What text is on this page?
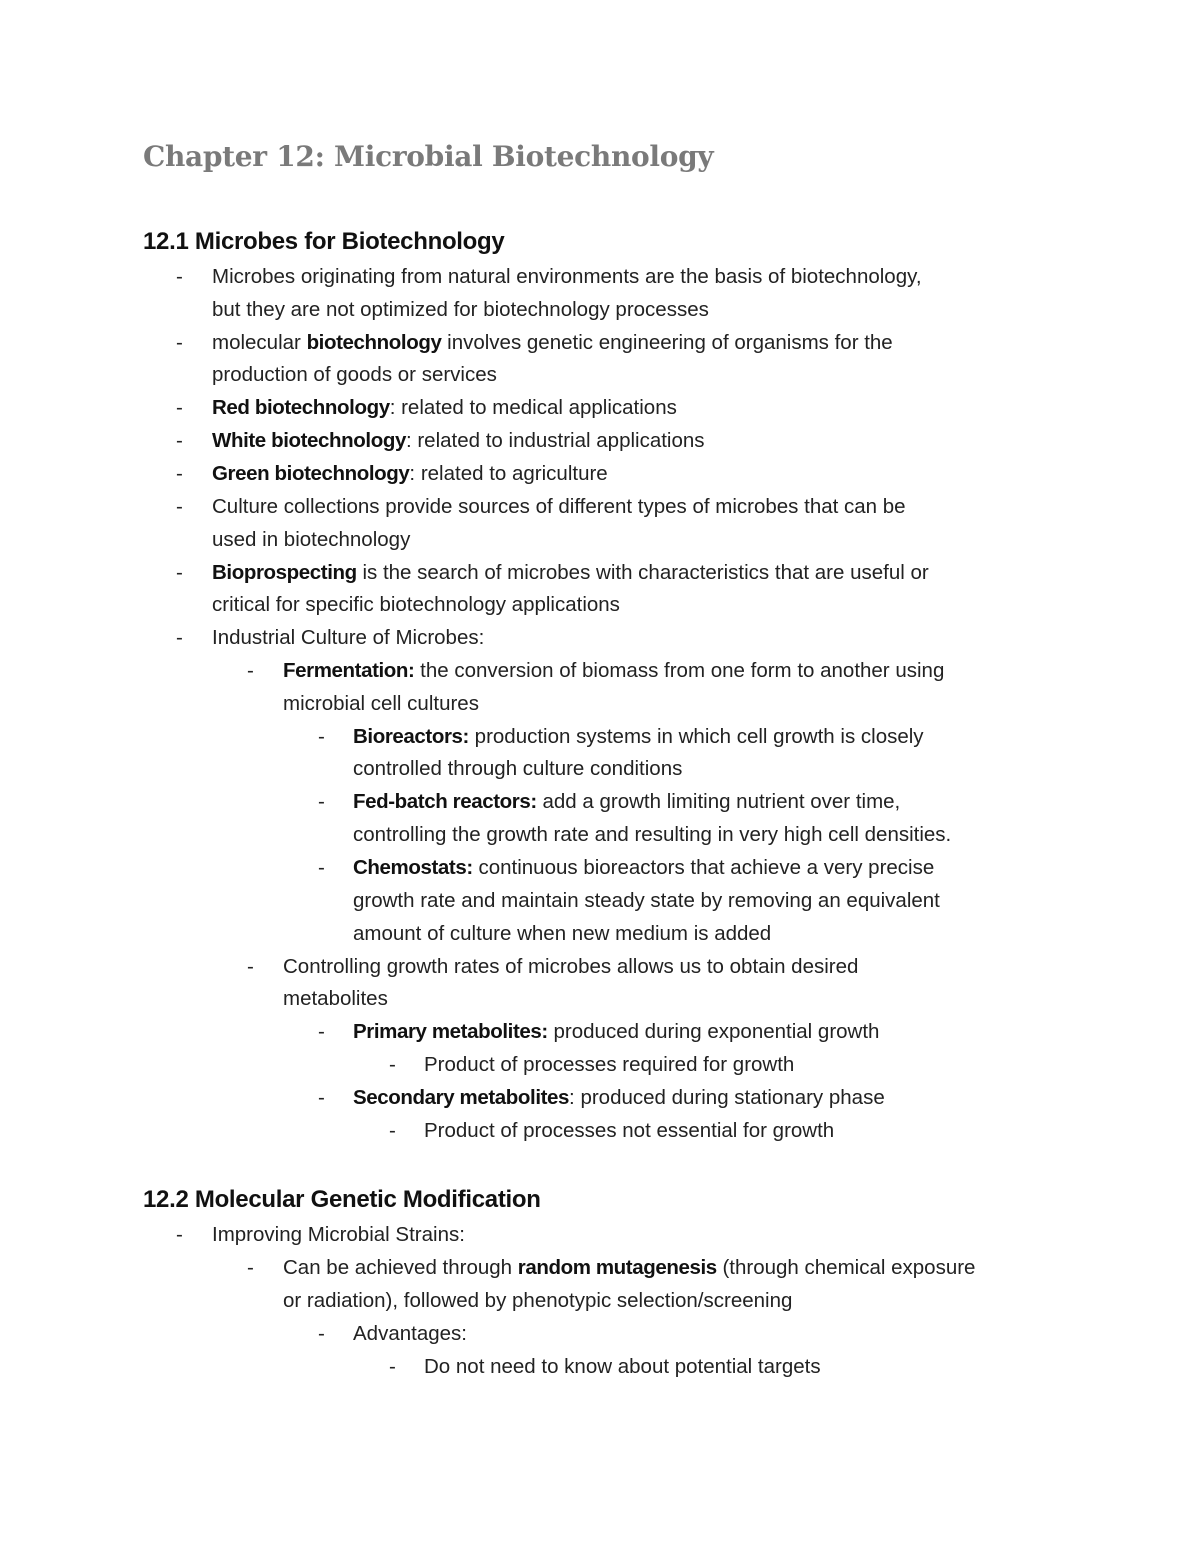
Chapter 12: Microbial Biotechnology
12.1 Microbes for Biotechnology
- Microbes originating from natural environments are the basis of biotechnology,
but they are not optimized for biotechnology processes
- molecular biotechnology involves genetic engineering of organisms for the
production of goods or services
- Red biotechnology: related to medical applications
- White biotechnology: related to industrial applications
- Green biotechnology: related to agriculture
- Culture collections provide sources of different types of microbes that can be
used in biotechnology
- Bioprospecting is the search of microbes with characteristics that are useful or
critical for specific biotechnology applications
- Industrial Culture of Microbes:
- Fermentation: the conversion of biomass from one form to another using
microbial cell cultures
- Bioreactors: production systems in which cell growth is closely
controlled through culture conditions
- Fed-batch reactors: add a growth limiting nutrient over time,
controlling the growth rate and resulting in very high cell densities.
- Chemostats: continuous bioreactors that achieve a very precise
growth rate and maintain steady state by removing an equivalent
amount of culture when new medium is added
- Controlling growth rates of microbes allows us to obtain desired
metabolites
- Primary metabolites: produced during exponential growth
- Product of processes required for growth
- Secondary metabolites: produced during stationary phase
- Product of processes not essential for growth
12.2 Molecular Genetic Modification
- Improving Microbial Strains:
- Can be achieved through random mutagenesis (through chemical exposure
or radiation), followed by phenotypic selection/screening
- Advantages:
- Do not need to know about potential targets
